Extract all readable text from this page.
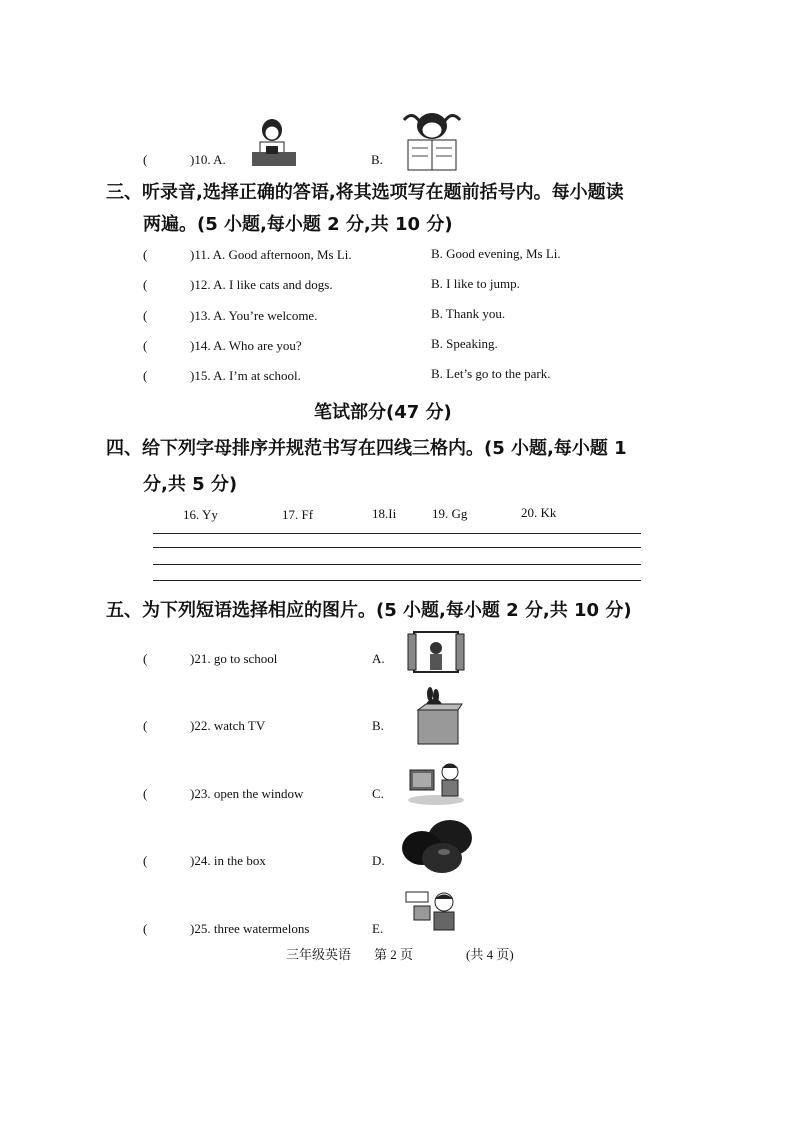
(	)10. A.	B.
三、听录音,选择正确的答语,将其选项写在题前括号内。每小题读
两遍。(5 小题,每小题 2 分,共 10 分)
(	)11. A. Good afternoon, Ms Li.	B. Good evening, Ms Li.
(	)12. A. I like cats and dogs.	B. I like to jump.
(	)13. A. You’re welcome.	B. Thank you.
(	)14. A. Who are you?	B. Speaking.
(	)15. A. I’m at school.	B. Let’s go to the park.
笔试部分(47 分)
四、给下列字母排序并规范书写在四线三格内。(5 小题,每小题 1
分,共 5 分)
16. Yy	17. Ff	18.Ii	19. Gg	20. Kk
五、为下列短语选择相应的图片。(5 小题,每小题 2 分,共 10 分)
(	)21. go to school	A.
(	)22. watch TV	B.
(	)23. open the window	C.
(	)24. in the box	D.
(	)25. three watermelons	E.
三年级英语 第 2 页	(共 4 页)
